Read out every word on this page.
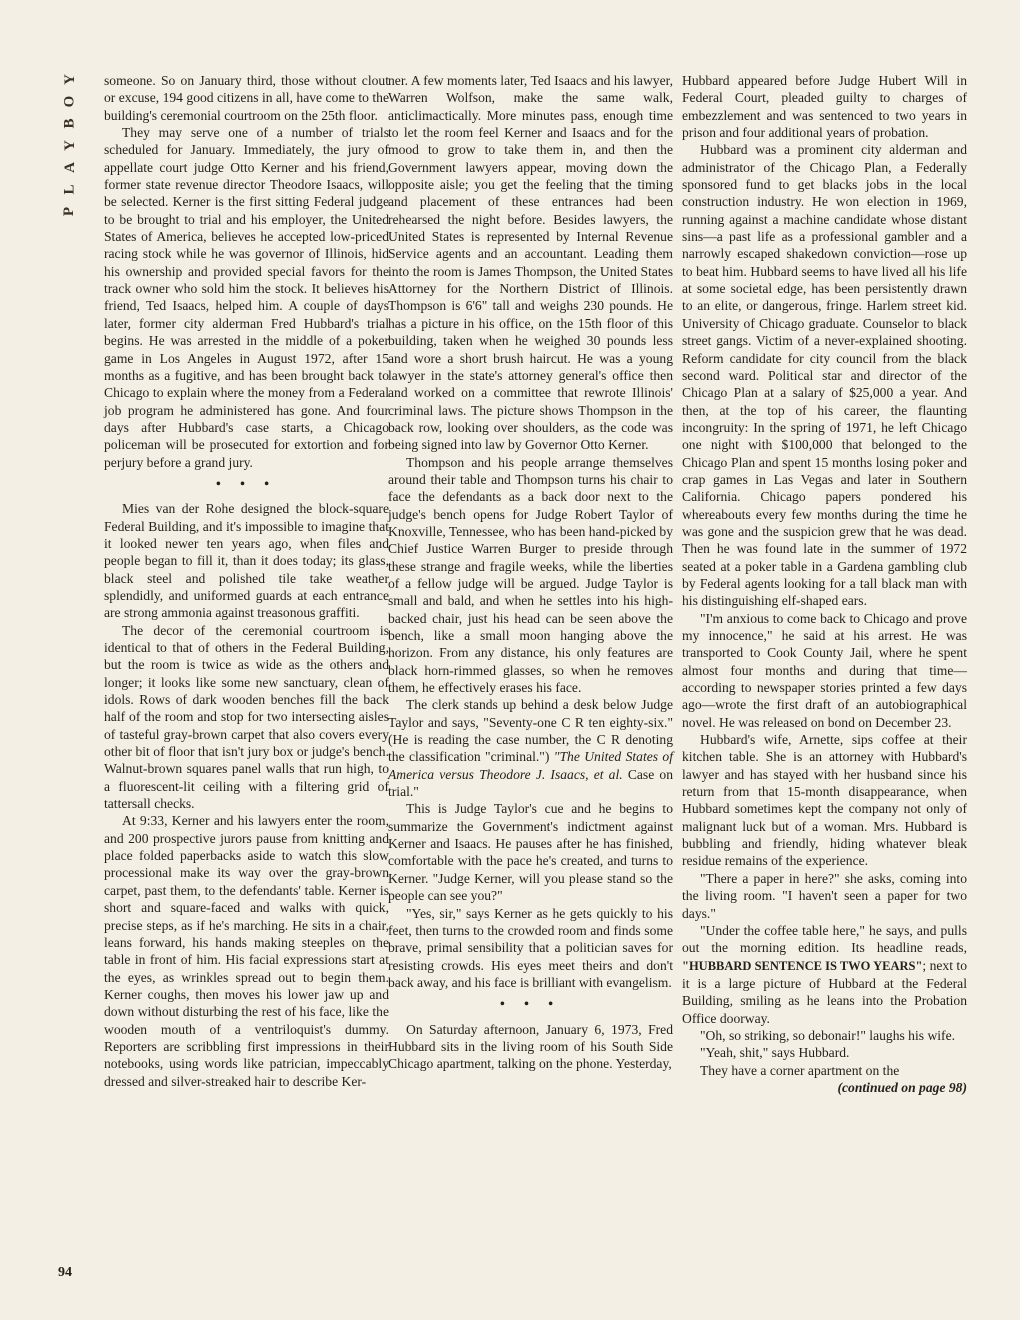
Y
O
B
Y
A
L
P

someone. So on January third, those without clout or excuse, 194 good citizens in all, have come to the building's ceremonial courtroom on the 25th floor.

They may serve one of a number of trials scheduled for January. Immediately, the jury of appellate court judge Otto Kerner and his friend, former state revenue director Theodore Isaacs, will be selected. Kerner is the first sitting Federal judge to be brought to trial and his employer, the United States of America, believes he accepted low-priced racing stock while he was governor of Illinois, hid his ownership and provided special favors for the track owner who sold him the stock. It believes his friend, Ted Isaacs, helped him. A couple of days later, former city alderman Fred Hubbard's trial begins. He was arrested in the middle of a poker game in Los Angeles in August 1972, after 15 months as a fugitive, and has been brought back to Chicago to explain where the money from a Federal job program he administered has gone. And four days after Hubbard's case starts, a Chicago policeman will be prosecuted for extortion and for perjury before a grand jury.

• • •

Mies van der Rohe designed the block-square Federal Building, and it's impossible to imagine that it looked newer ten years ago, when files and people began to fill it, than it does today; its glass, black steel and polished tile take weather splendidly, and uniformed guards at each entrance are strong ammonia against treasonous graffiti.

The decor of the ceremonial courtroom is identical to that of others in the Federal Building, but the room is twice as wide as the others and longer; it looks like some new sanctuary, clean of idols. Rows of dark wooden benches fill the back half of the room and stop for two intersecting aisles of tasteful gray-brown carpet that also covers every other bit of floor that isn't jury box or judge's bench. Walnut-brown squares panel walls that run high, to a fluorescent-lit ceiling with a filtering grid of tattersall checks.

At 9:33, Kerner and his lawyers enter the room, and 200 prospective jurors pause from knitting and place folded paperbacks aside to watch this slow processional make its way over the gray-brown carpet, past them, to the defendants' table. Kerner is short and square-faced and walks with quick, precise steps, as if he's marching. He sits in a chair, leans forward, his hands making steeples on the table in front of him. His facial expressions start at the eyes, as wrinkles spread out to begin them. Kerner coughs, then moves his lower jaw up and down without disturbing the rest of his face, like the wooden mouth of a ventriloquist's dummy. Reporters are scribbling first impressions in their notebooks, using words like patrician, impeccably dressed and silver-streaked hair to describe Ker-

ner. A few moments later, Ted Isaacs and his lawyer, Warren Wolfson, make the same walk, anticlimactically. More minutes pass, enough time to let the room feel Kerner and Isaacs and for the mood to grow to take them in, and then the Government lawyers appear, moving down the opposite aisle; you get the feeling that the timing and placement of these entrances had been rehearsed the night before. Besides lawyers, the United States is represented by Internal Revenue Service agents and an accountant. Leading them into the room is James Thompson, the United States Attorney for the Northern District of Illinois. Thompson is 6'6" tall and weighs 230 pounds. He has a picture in his office, on the 15th floor of this building, taken when he weighed 30 pounds less and wore a short brush haircut. He was a young lawyer in the state's attorney general's office then and worked on a committee that rewrote Illinois' criminal laws. The picture shows Thompson in the back row, looking over shoulders, as the code was being signed into law by Governor Otto Kerner.

Thompson and his people arrange themselves around their table and Thompson turns his chair to face the defendants as a back door next to the judge's bench opens for Judge Robert Taylor of Knoxville, Tennessee, who has been hand-picked by Chief Justice Warren Burger to preside through these strange and fragile weeks, while the liberties of a fellow judge will be argued. Judge Taylor is small and bald, and when he settles into his high-backed chair, just his head can be seen above the bench, like a small moon hanging above the horizon. From any distance, his only features are black horn-rimmed glasses, so when he removes them, he effectively erases his face.

The clerk stands up behind a desk below Judge Taylor and says, "Seventy-one C R ten eighty-six." (He is reading the case number, the C R denoting the classification "criminal.") "The United States of America versus Theodore J. Isaacs, et al. Case on trial."

This is Judge Taylor's cue and he begins to summarize the Government's indictment against Kerner and Isaacs. He pauses after he has finished, comfortable with the pace he's created, and turns to Kerner. "Judge Kerner, will you please stand so the people can see you?"

"Yes, sir," says Kerner as he gets quickly to his feet, then turns to the crowded room and finds some brave, primal sensibility that a politician saves for resisting crowds. His eyes meet theirs and don't back away, and his face is brilliant with evangelism.

• • •

On Saturday afternoon, January 6, 1973, Fred Hubbard sits in the living room of his South Side Chicago apartment, talking on the phone. Yesterday,

Hubbard appeared before Judge Hubert Will in Federal Court, pleaded guilty to charges of embezzlement and was sentenced to two years in prison and four additional years of probation.

Hubbard was a prominent city alderman and administrator of the Chicago Plan, a Federally sponsored fund to get blacks jobs in the local construction industry. He won election in 1969, running against a machine candidate whose distant sins—a past life as a professional gambler and a narrowly escaped shakedown conviction—rose up to beat him. Hubbard seems to have lived all his life at some societal edge, has been persistently drawn to an elite, or dangerous, fringe. Harlem street kid. University of Chicago graduate. Counselor to black street gangs. Victim of a never-explained shooting. Reform candidate for city council from the black second ward. Political star and director of the Chicago Plan at a salary of $25,000 a year. And then, at the top of his career, the flaunting incongruity: In the spring of 1971, he left Chicago one night with $100,000 that belonged to the Chicago Plan and spent 15 months losing poker and crap games in Las Vegas and later in Southern California. Chicago papers pondered his whereabouts every few months during the time he was gone and the suspicion grew that he was dead. Then he was found late in the summer of 1972 seated at a poker table in a Gardena gambling club by Federal agents looking for a tall black man with his distinguishing elf-shaped ears.

"I'm anxious to come back to Chicago and prove my innocence," he said at his arrest. He was transported to Cook County Jail, where he spent almost four months and during that time—according to newspaper stories printed a few days ago—wrote the first draft of an autobiographical novel. He was released on bond on December 23.

Hubbard's wife, Arnette, sips coffee at their kitchen table. She is an attorney with Hubbard's lawyer and has stayed with her husband since his return from that 15-month disappearance, when Hubbard sometimes kept the company not only of malignant luck but of a woman. Mrs. Hubbard is bubbling and friendly, hiding whatever bleak residue remains of the experience.

"There a paper in here?" she asks, coming into the living room. "I haven't seen a paper for two days."

"Under the coffee table here," he says, and pulls out the morning edition. Its headline reads, "HUBBARD SENTENCE IS TWO YEARS"; next to it is a large picture of Hubbard at the Federal Building, smiling as he leans into the Probation Office doorway.

"Oh, so striking, so debonair!" laughs his wife.

"Yeah, shit," says Hubbard.

They have a corner apartment on the

(continued on page 98)

94
